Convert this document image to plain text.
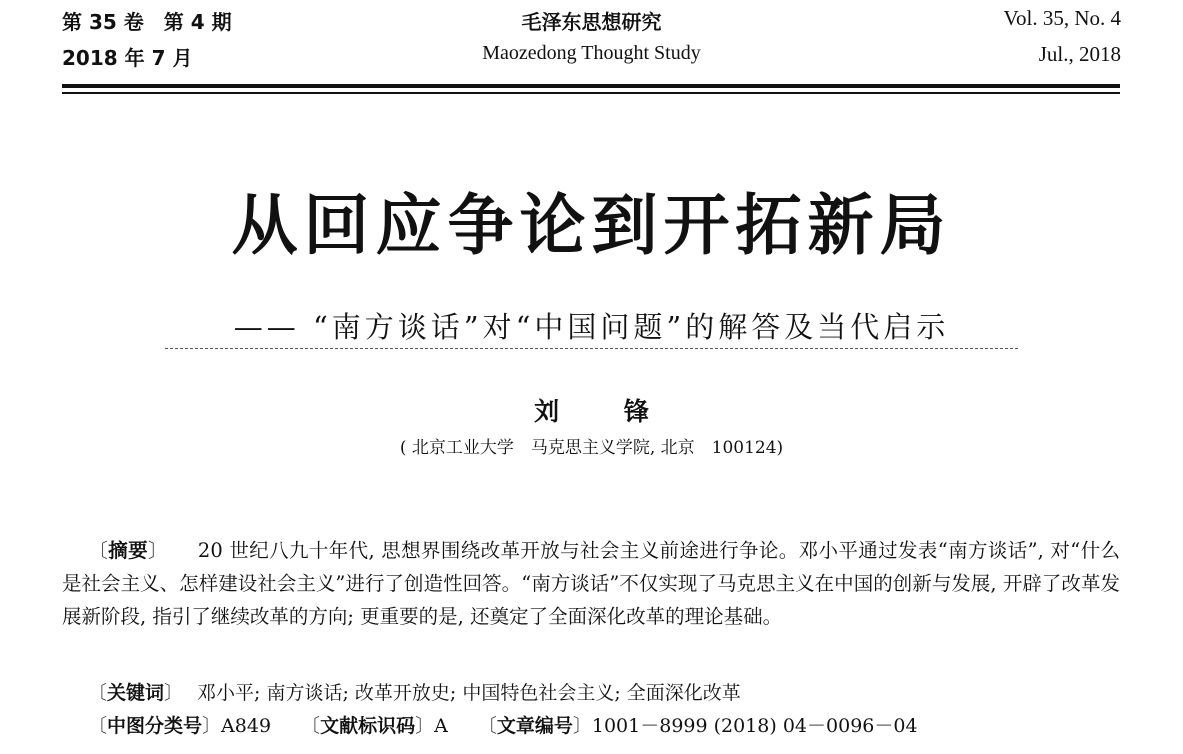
第 35 卷　第 4 期	毛泽东思想研究	Vol. 35, No. 4
2018 年 7 月	Maozedong Thought Study	Jul., 2018
从回应争论到开拓新局
—— “南方谈话”对“中国问题”的解答及当代启示
刘 锋
( 北京工业大学　马克思主义学院, 北京　100124)
〔摘要〕 20 世纪八九十年代, 思想界围绕改革开放与社会主义前途进行争论。邓小平通过发表“南方谈话”, 对“什么是社会主义、怎样建设社会主义”进行了创造性回答。“南方谈话”不仅实现了马克思主义在中国的创新与发展, 开辟了改革发展新阶段, 指引了继续改革的方向; 更重要的是, 还奠定了全面深化改革的理论基础。
〔关键词〕 邓小平; 南方谈话; 改革开放史; 中国特色社会主义; 全面深化改革
〔中图分类号〕A849 〔文献标识码〕A 〔文章编号〕1001－8999 (2018) 04－0096－04
